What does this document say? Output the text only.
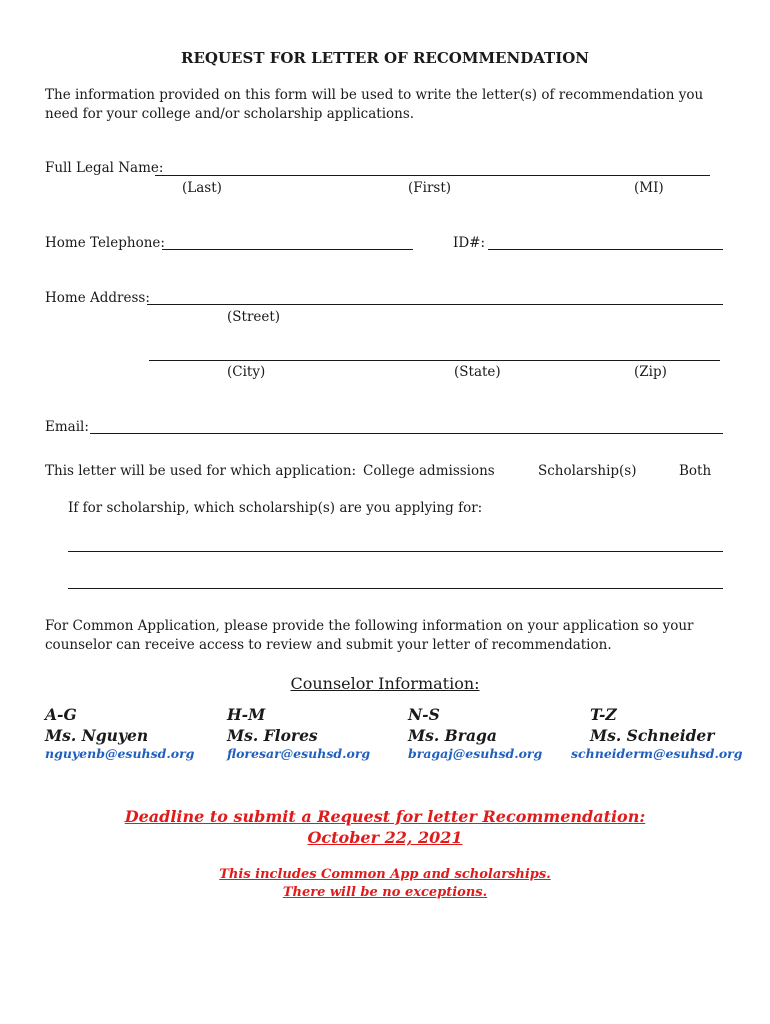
REQUEST FOR LETTER OF RECOMMENDATION
The information provided on this form will be used to write the letter(s) of recommendation you need for your college and/or scholarship applications.
Full Legal Name:
(Last)	(First)	(MI)
Home Telephone:	ID#:
Home Address:
(Street)
(City)	(State)	(Zip)
Email:
This letter will be used for which application: College admissions	Scholarship(s)	Both
If for scholarship, which scholarship(s) are you applying for:
For Common Application, please provide the following information on your application so your counselor can receive access to review and submit your letter of recommendation.
Counselor Information:
A-G
Ms. Nguyen
nguyenb@esuhsd.org
H-M
Ms. Flores
floresar@esuhsd.org
N-S
Ms. Braga
bragaj@esuhsd.org
T-Z
Ms. Schneider
schneiderm@esuhsd.org
Deadline to submit a Request for letter Recommendation:
October 22, 2021
This includes Common App and scholarships.
There will be no exceptions.
